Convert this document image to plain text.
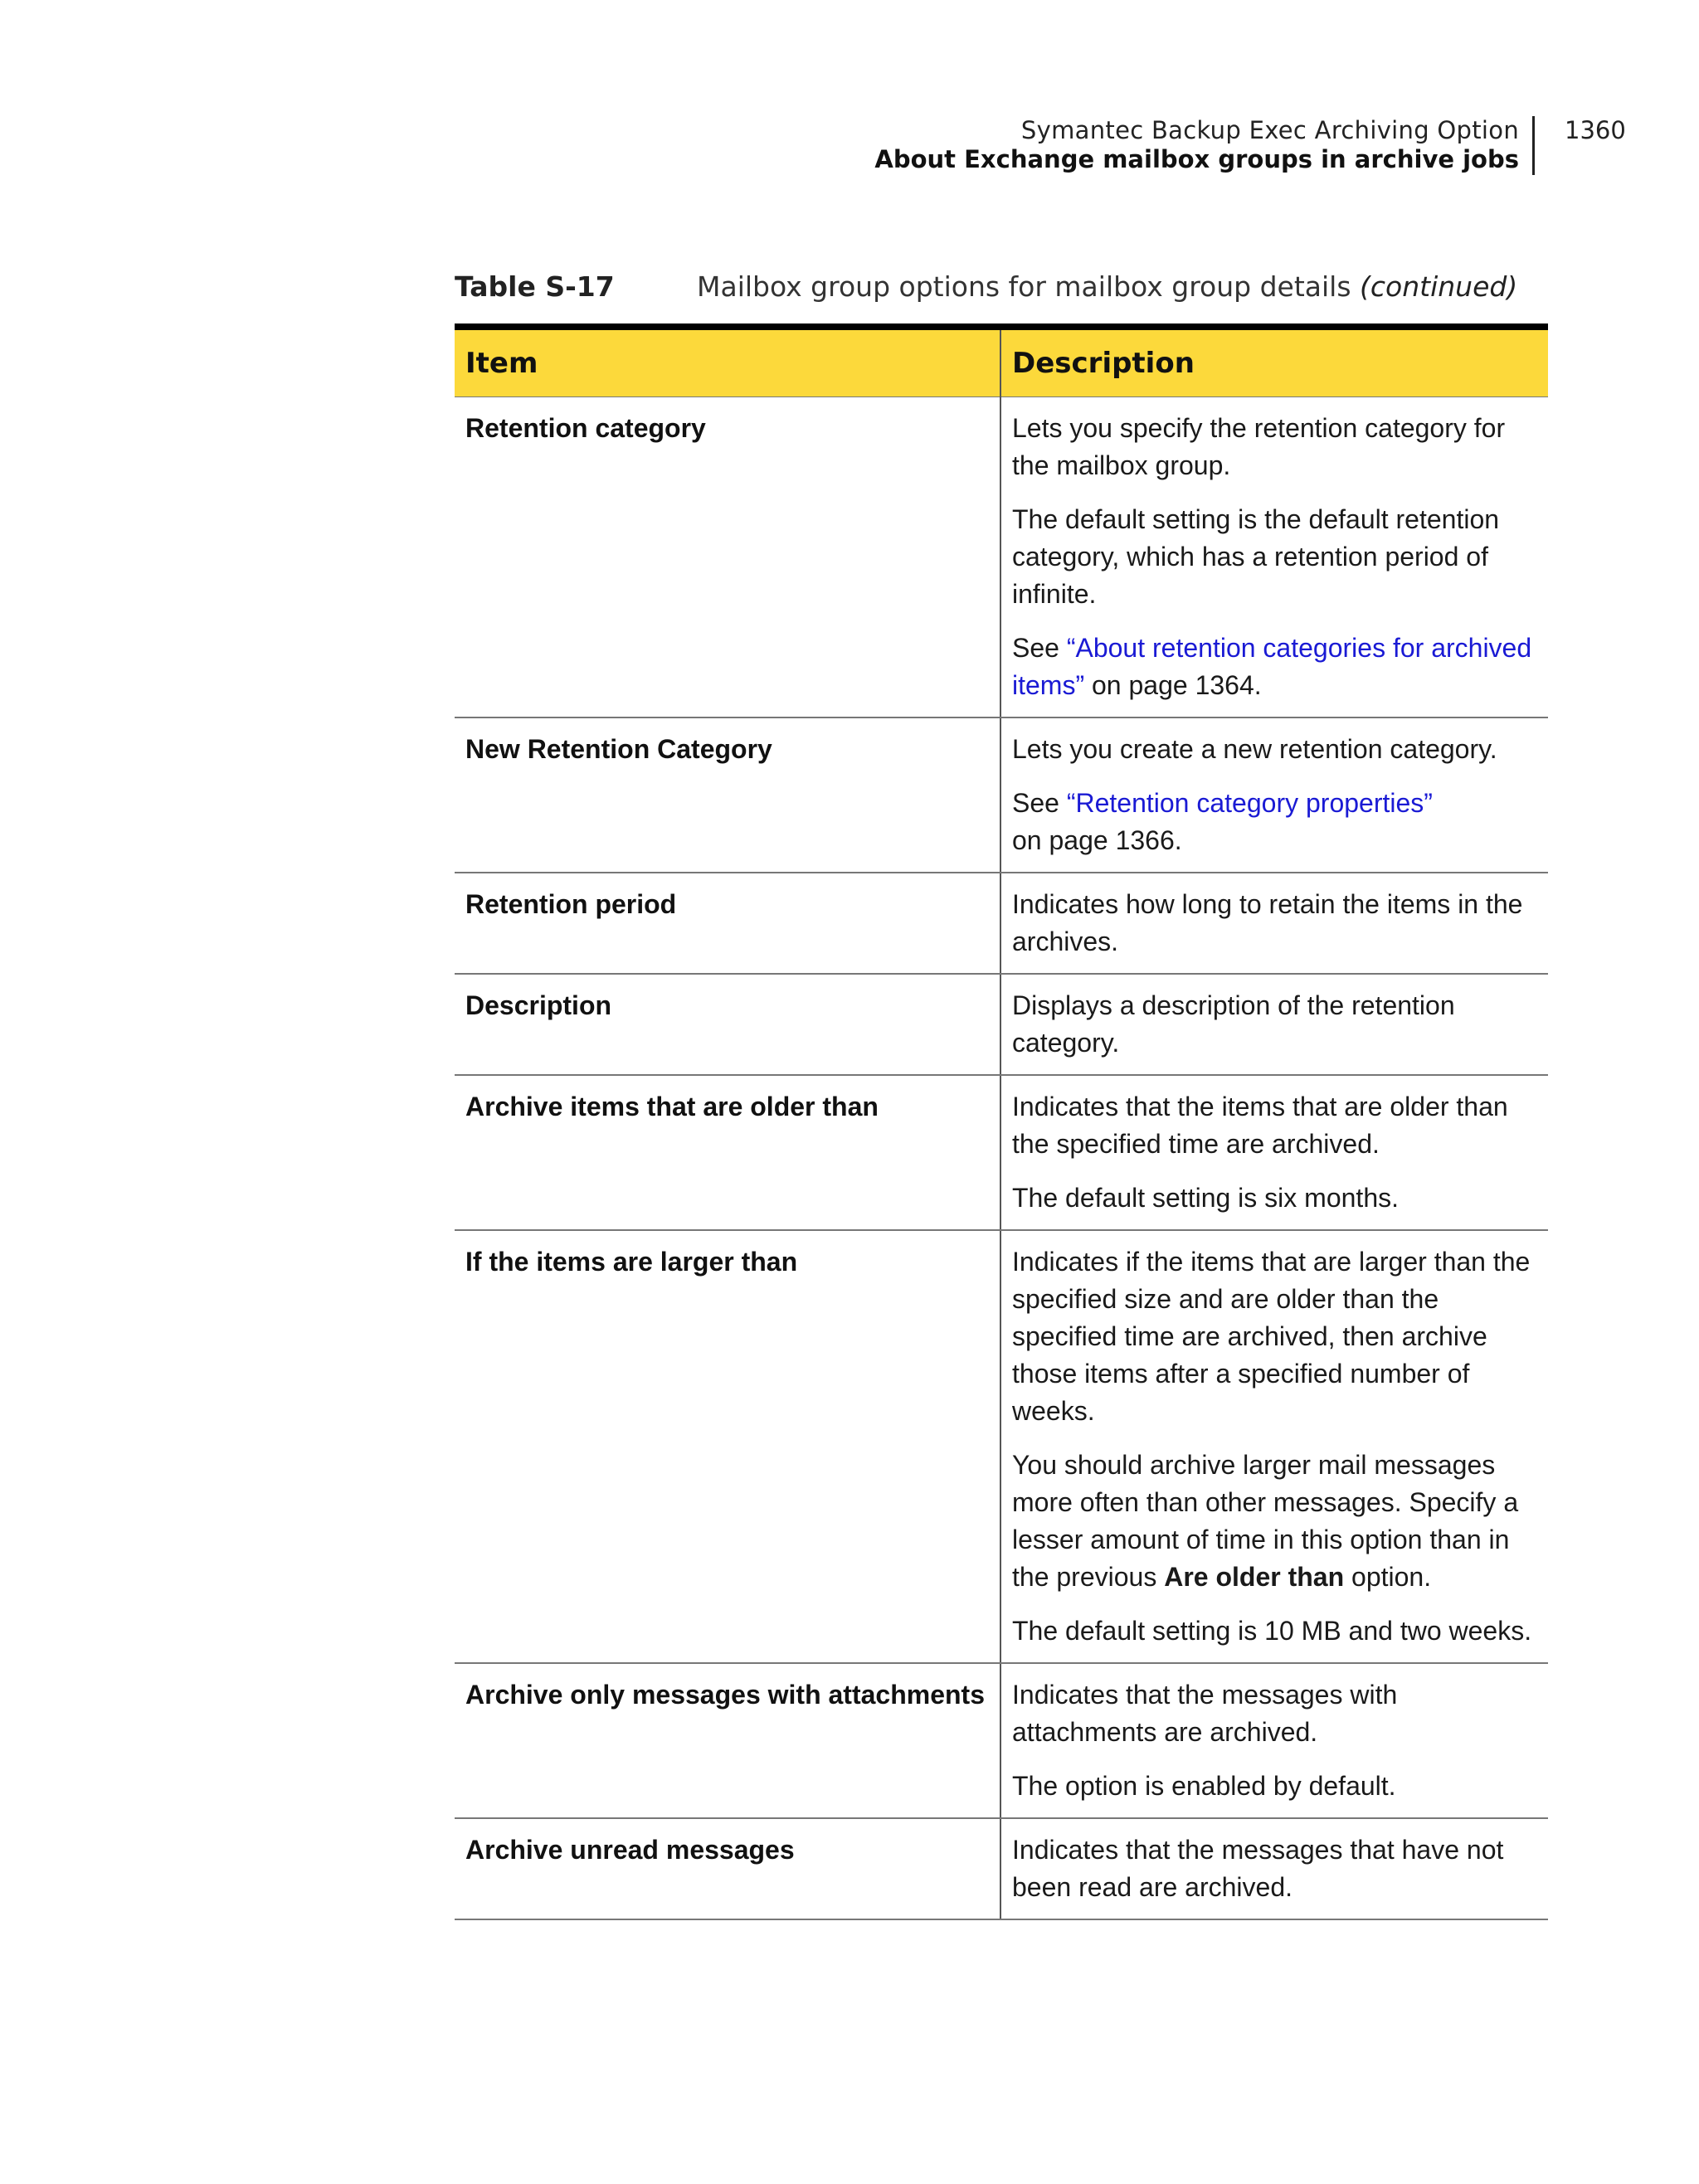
Symantec Backup Exec Archiving Option
About Exchange mailbox groups in archive jobs
1360
Table S-17	Mailbox group options for mailbox group details (continued)
Item	Description
Retention category	Lets you specify the retention category for the mailbox group.

The default setting is the default retention category, which has a retention period of infinite.

See “About retention categories for archived items” on page 1364.

New Retention Category	Lets you create a new retention category.

See “Retention category properties”
on page 1366.

Retention period	Indicates how long to retain the items in the archives.

Description	Displays a description of the retention category.

Archive items that are older than	Indicates that the items that are older than the specified time are archived.

The default setting is six months.

If the items are larger than	Indicates if the items that are larger than the specified size and are older than the specified time are archived, then archive those items after a specified number of weeks.

You should archive larger mail messages more often than other messages. Specify a lesser amount of time in this option than in the previous Are older than option.

The default setting is 10 MB and two weeks.

Archive only messages with attachments	Indicates that the messages with attachments are archived.

The option is enabled by default.

Archive unread messages	Indicates that the messages that have not been read are archived.
